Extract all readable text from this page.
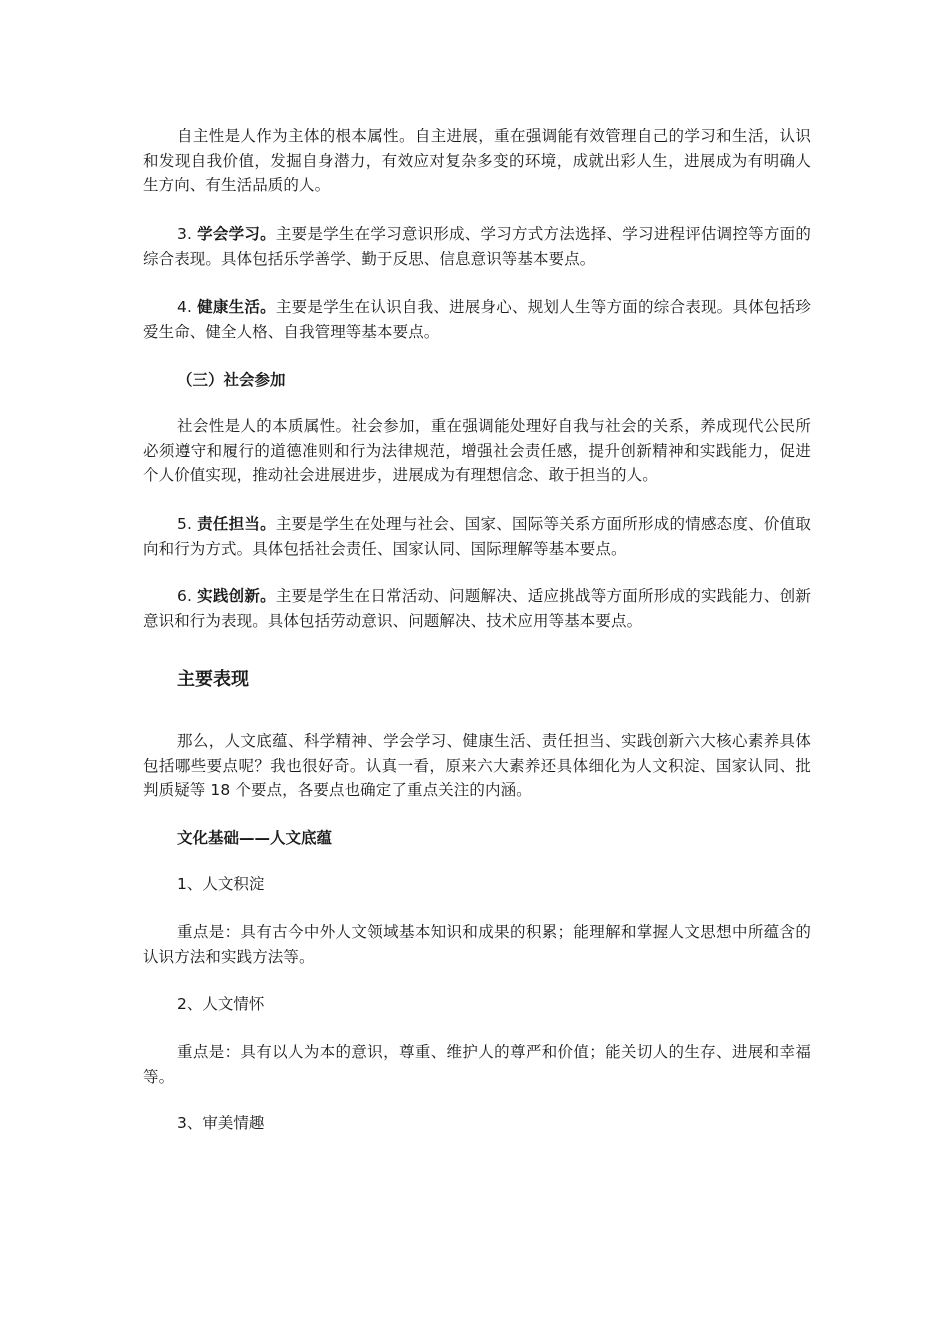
自主性是人作为主体的根本属性。自主进展，重在强调能有效管理自己的学习和生活，认识和发现自我价值，发掘自身潜力，有效应对复杂多变的环境，成就出彩人生，进展成为有明确人生方向、有生活品质的人。

3. 学会学习。主要是学生在学习意识形成、学习方式方法选择、学习进程评估调控等方面的综合表现。具体包括乐学善学、勤于反思、信息意识等基本要点。

4. 健康生活。主要是学生在认识自我、进展身心、规划人生等方面的综合表现。具体包括珍爱生命、健全人格、自我管理等基本要点。

（三）社会参加

社会性是人的本质属性。社会参加，重在强调能处理好自我与社会的关系，养成现代公民所必须遵守和履行的道德准则和行为法律规范，增强社会责任感，提升创新精神和实践能力，促进个人价值实现，推动社会进展进步，进展成为有理想信念、敢于担当的人。

5. 责任担当。主要是学生在处理与社会、国家、国际等关系方面所形成的情感态度、价值取向和行为方式。具体包括社会责任、国家认同、国际理解等基本要点。

6. 实践创新。主要是学生在日常活动、问题解决、适应挑战等方面所形成的实践能力、创新意识和行为表现。具体包括劳动意识、问题解决、技术应用等基本要点。

主要表现

那么，人文底蕴、科学精神、学会学习、健康生活、责任担当、实践创新六大核心素养具体包括哪些要点呢？我也很好奇。认真一看，原来六大素养还具体细化为人文积淀、国家认同、批判质疑等 18 个要点，各要点也确定了重点关注的内涵。

文化基础——人文底蕴

1、人文积淀

重点是：具有古今中外人文领域基本知识和成果的积累；能理解和掌握人文思想中所蕴含的认识方法和实践方法等。

2、人文情怀

重点是：具有以人为本的意识，尊重、维护人的尊严和价值；能关切人的生存、进展和幸福等。

3、审美情趣
